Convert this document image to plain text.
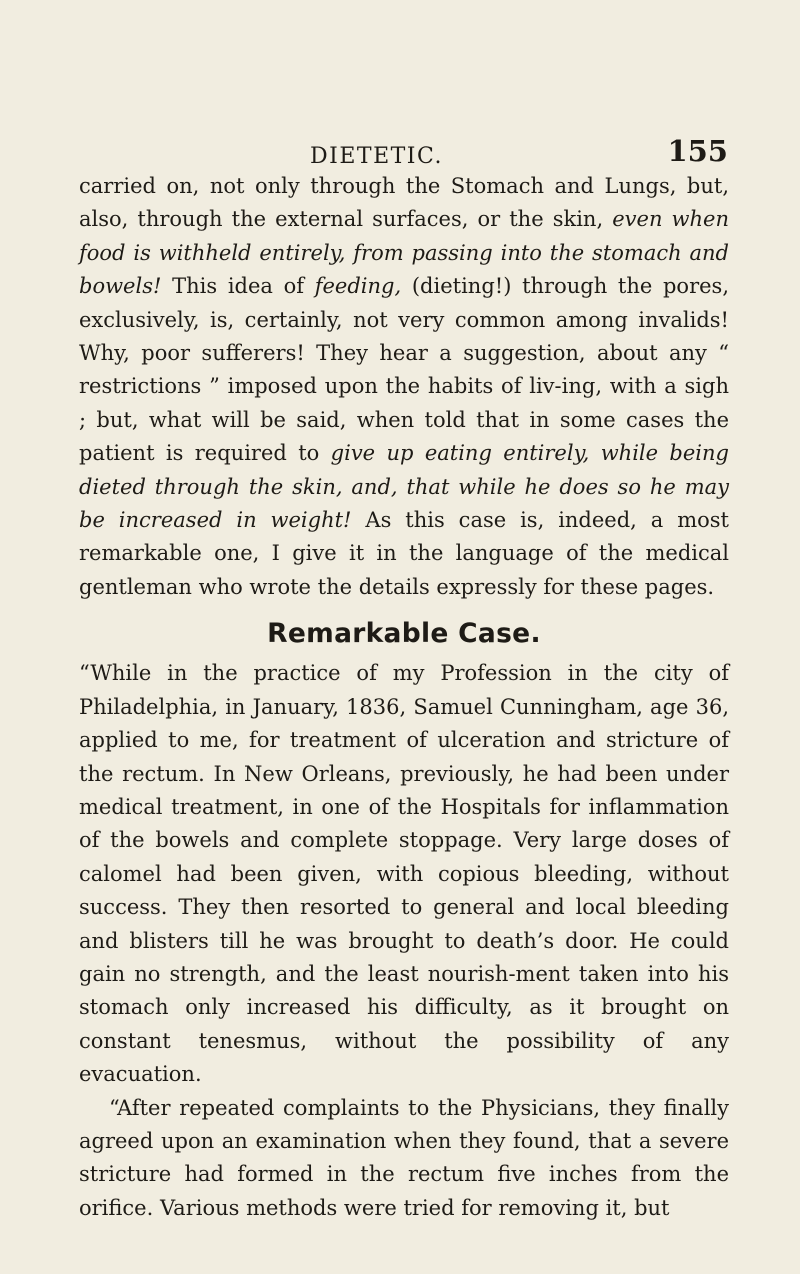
DIETETIC.	155

carried on, not only through the Stomach and Lungs, but, also, through the external surfaces, or the skin, even when food is withheld entirely, from passing into the stomach and bowels! This idea of feeding, (dieting!) through the pores, exclusively, is, certainly, not very common among invalids! Why, poor sufferers! They hear a suggestion, about any “ restrictions ” imposed upon the habits of liv-ing, with a sigh ; but, what will be said, when told that in some cases the patient is required to give up eating entirely, while being dieted through the skin, and, that while he does so he may be increased in weight! As this case is, indeed, a most remarkable one, I give it in the language of the medical gentleman who wrote the details expressly for these pages.

Remarkable Case.

“While in the practice of my Profession in the city of Philadelphia, in January, 1836, Samuel Cunningham, age 36, applied to me, for treatment of ulceration and stricture of the rectum. In New Orleans, previously, he had been under medical treatment, in one of the Hospitals for inflammation of the bowels and complete stoppage. Very large doses of calomel had been given, with copious bleeding, without success. They then resorted to general and local bleeding and blisters till he was brought to death’s door. He could gain no strength, and the least nourish-ment taken into his stomach only increased his difficulty, as it brought on constant tenesmus, without the possibility of any evacuation.

“After repeated complaints to the Physicians, they finally agreed upon an examination when they found, that a severe stricture had formed in the rectum five inches from the orifice. Various methods were tried for removing it, but
